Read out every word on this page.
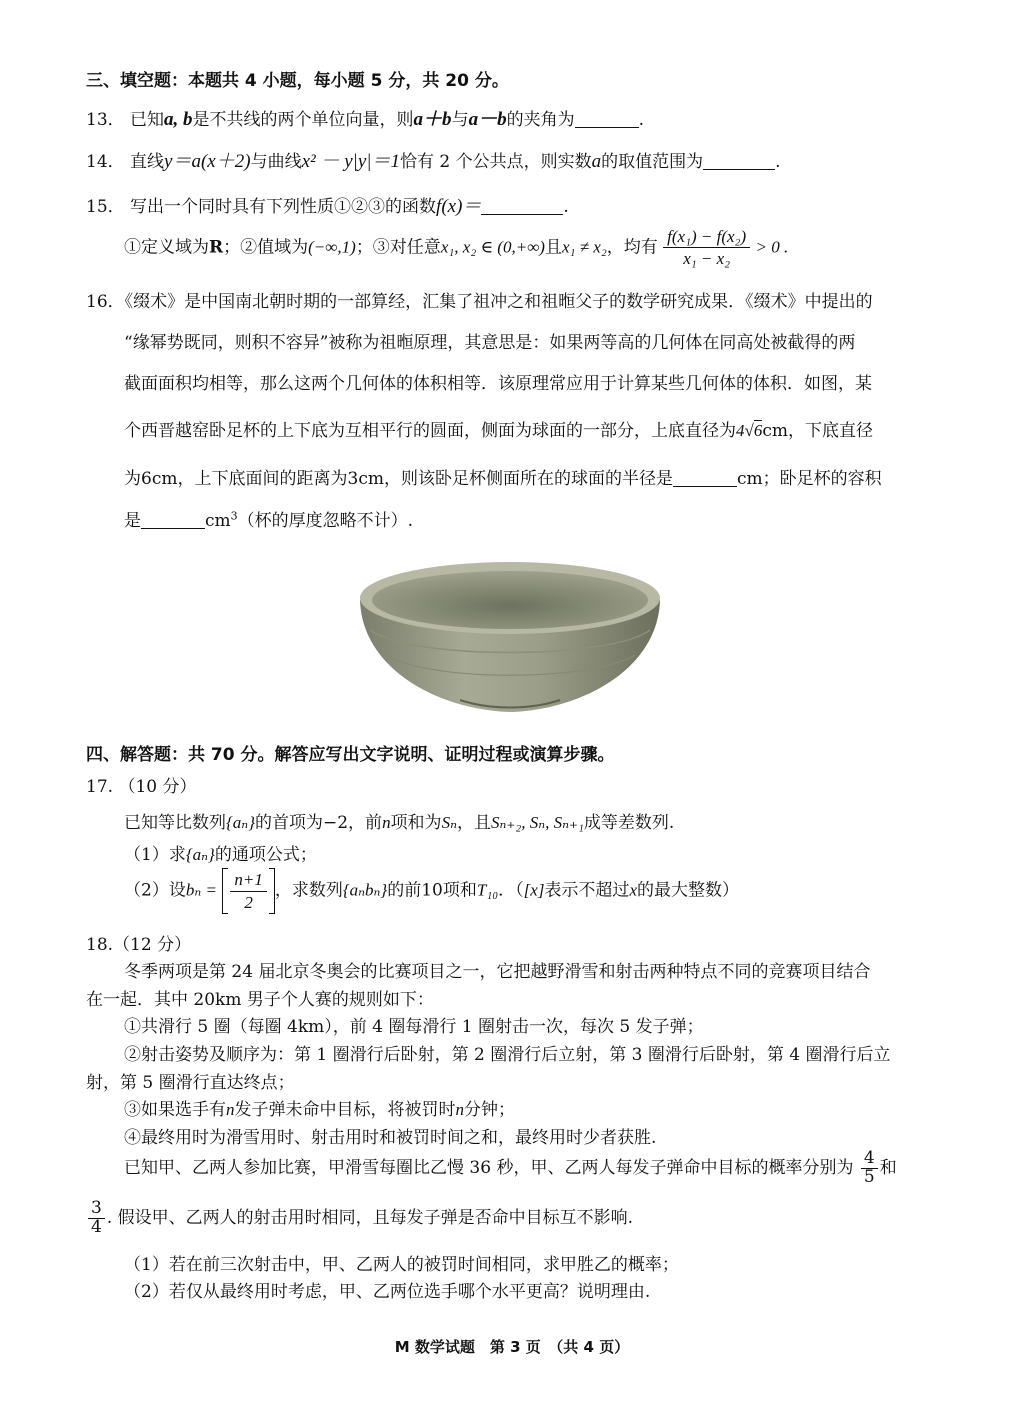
三、填空题：本题共 4 小题，每小题 5 分，共 20 分。
13． 已知a, b是不共线的两个单位向量，则a＋b与a－b的夹角为	.
14． 直线y＝a(x＋2)与曲线x² － y|y|＝1恰有 2 个公共点，则实数a的取值范围为	.
15． 写出一个同时具有下列性质①②③的函数f(x)＝	.
①定义域为R；②值域为(−∞,1)；③对任意x₁, x₂ ∈ (0,+∞)且x₁ ≠ x₂，均有 $\frac{\text{f(x₁) − f(x₂)}}{\text{x₁ − x₂}} > 0$ .
16．《缀术》是中国南北朝时期的一部算经，汇集了祖冲之和祖暅父子的数学研究成果．《缀术》中提出的
“缘幂势既同，则积不容异”被称为祖暅原理，其意思是：如果两等高的几何体在同高处被截得的两
截面面积均相等，那么这两个几何体的体积相等．该原理常应用于计算某些几何体的体积．如图，某
个西晋越窑卧足杯的上下底为互相平行的圆面，侧面为球面的一部分，上底直径为4√6cm，下底直径
为6cm，上下底面间的距离为3cm，则该卧足杯侧面所在的球面的半径是	cm；卧足杯的容积
是	$cm^3$（杯的厚度忽略不计）.
四、解答题：共 70 分。解答应写出文字说明、证明过程或演算步骤。
17. （10 分）
已知等比数列{aₙ}的首项为−2，前n项和为Sₙ，且Sₙ₊₂, Sₙ, Sₙ₊₁成等差数列.
（1）求{aₙ}的通项公式；
（2）设$b_n = \frac{n+1}{2}$ ，求数列{aₙbₙ}的前10项和T₁₀．（[x]表示不超过x的最大整数）
18.（12 分）
冬季两项是第 24 届北京冬奥会的比赛项目之一，它把越野滑雪和射击两种特点不同的竞赛项目结合
在一起．其中 20km 男子个人赛的规则如下：
①共滑行 5 圈（每圈 4km），前 4 圈每滑行 1 圈射击一次，每次 5 发子弹；
②射击姿势及顺序为：第 1 圈滑行后卧射，第 2 圈滑行后立射，第 3 圈滑行后卧射，第 4 圈滑行后立
射，第 5 圈滑行直达终点；
③如果选手有n发子弹未命中目标，将被罚时n分钟；
④最终用时为滑雪用时、射击用时和被罚时间之和，最终用时少者获胜.
已知甲、乙两人参加比赛，甲滑雪每圈比乙慢 36 秒，甲、乙两人每发子弹命中目标的概率分别为 $\frac{4}{5}$ 和
$\frac{3}{4}$ . 假设甲、乙两人的射击用时相同，且每发子弹是否命中目标互不影响.
（1）若在前三次射击中，甲、乙两人的被罚时间相同，求甲胜乙的概率；
（2）若仅从最终用时考虑，甲、乙两位选手哪个水平更高？说明理由.
M 数学试题　第 3 页　（共 4 页）
